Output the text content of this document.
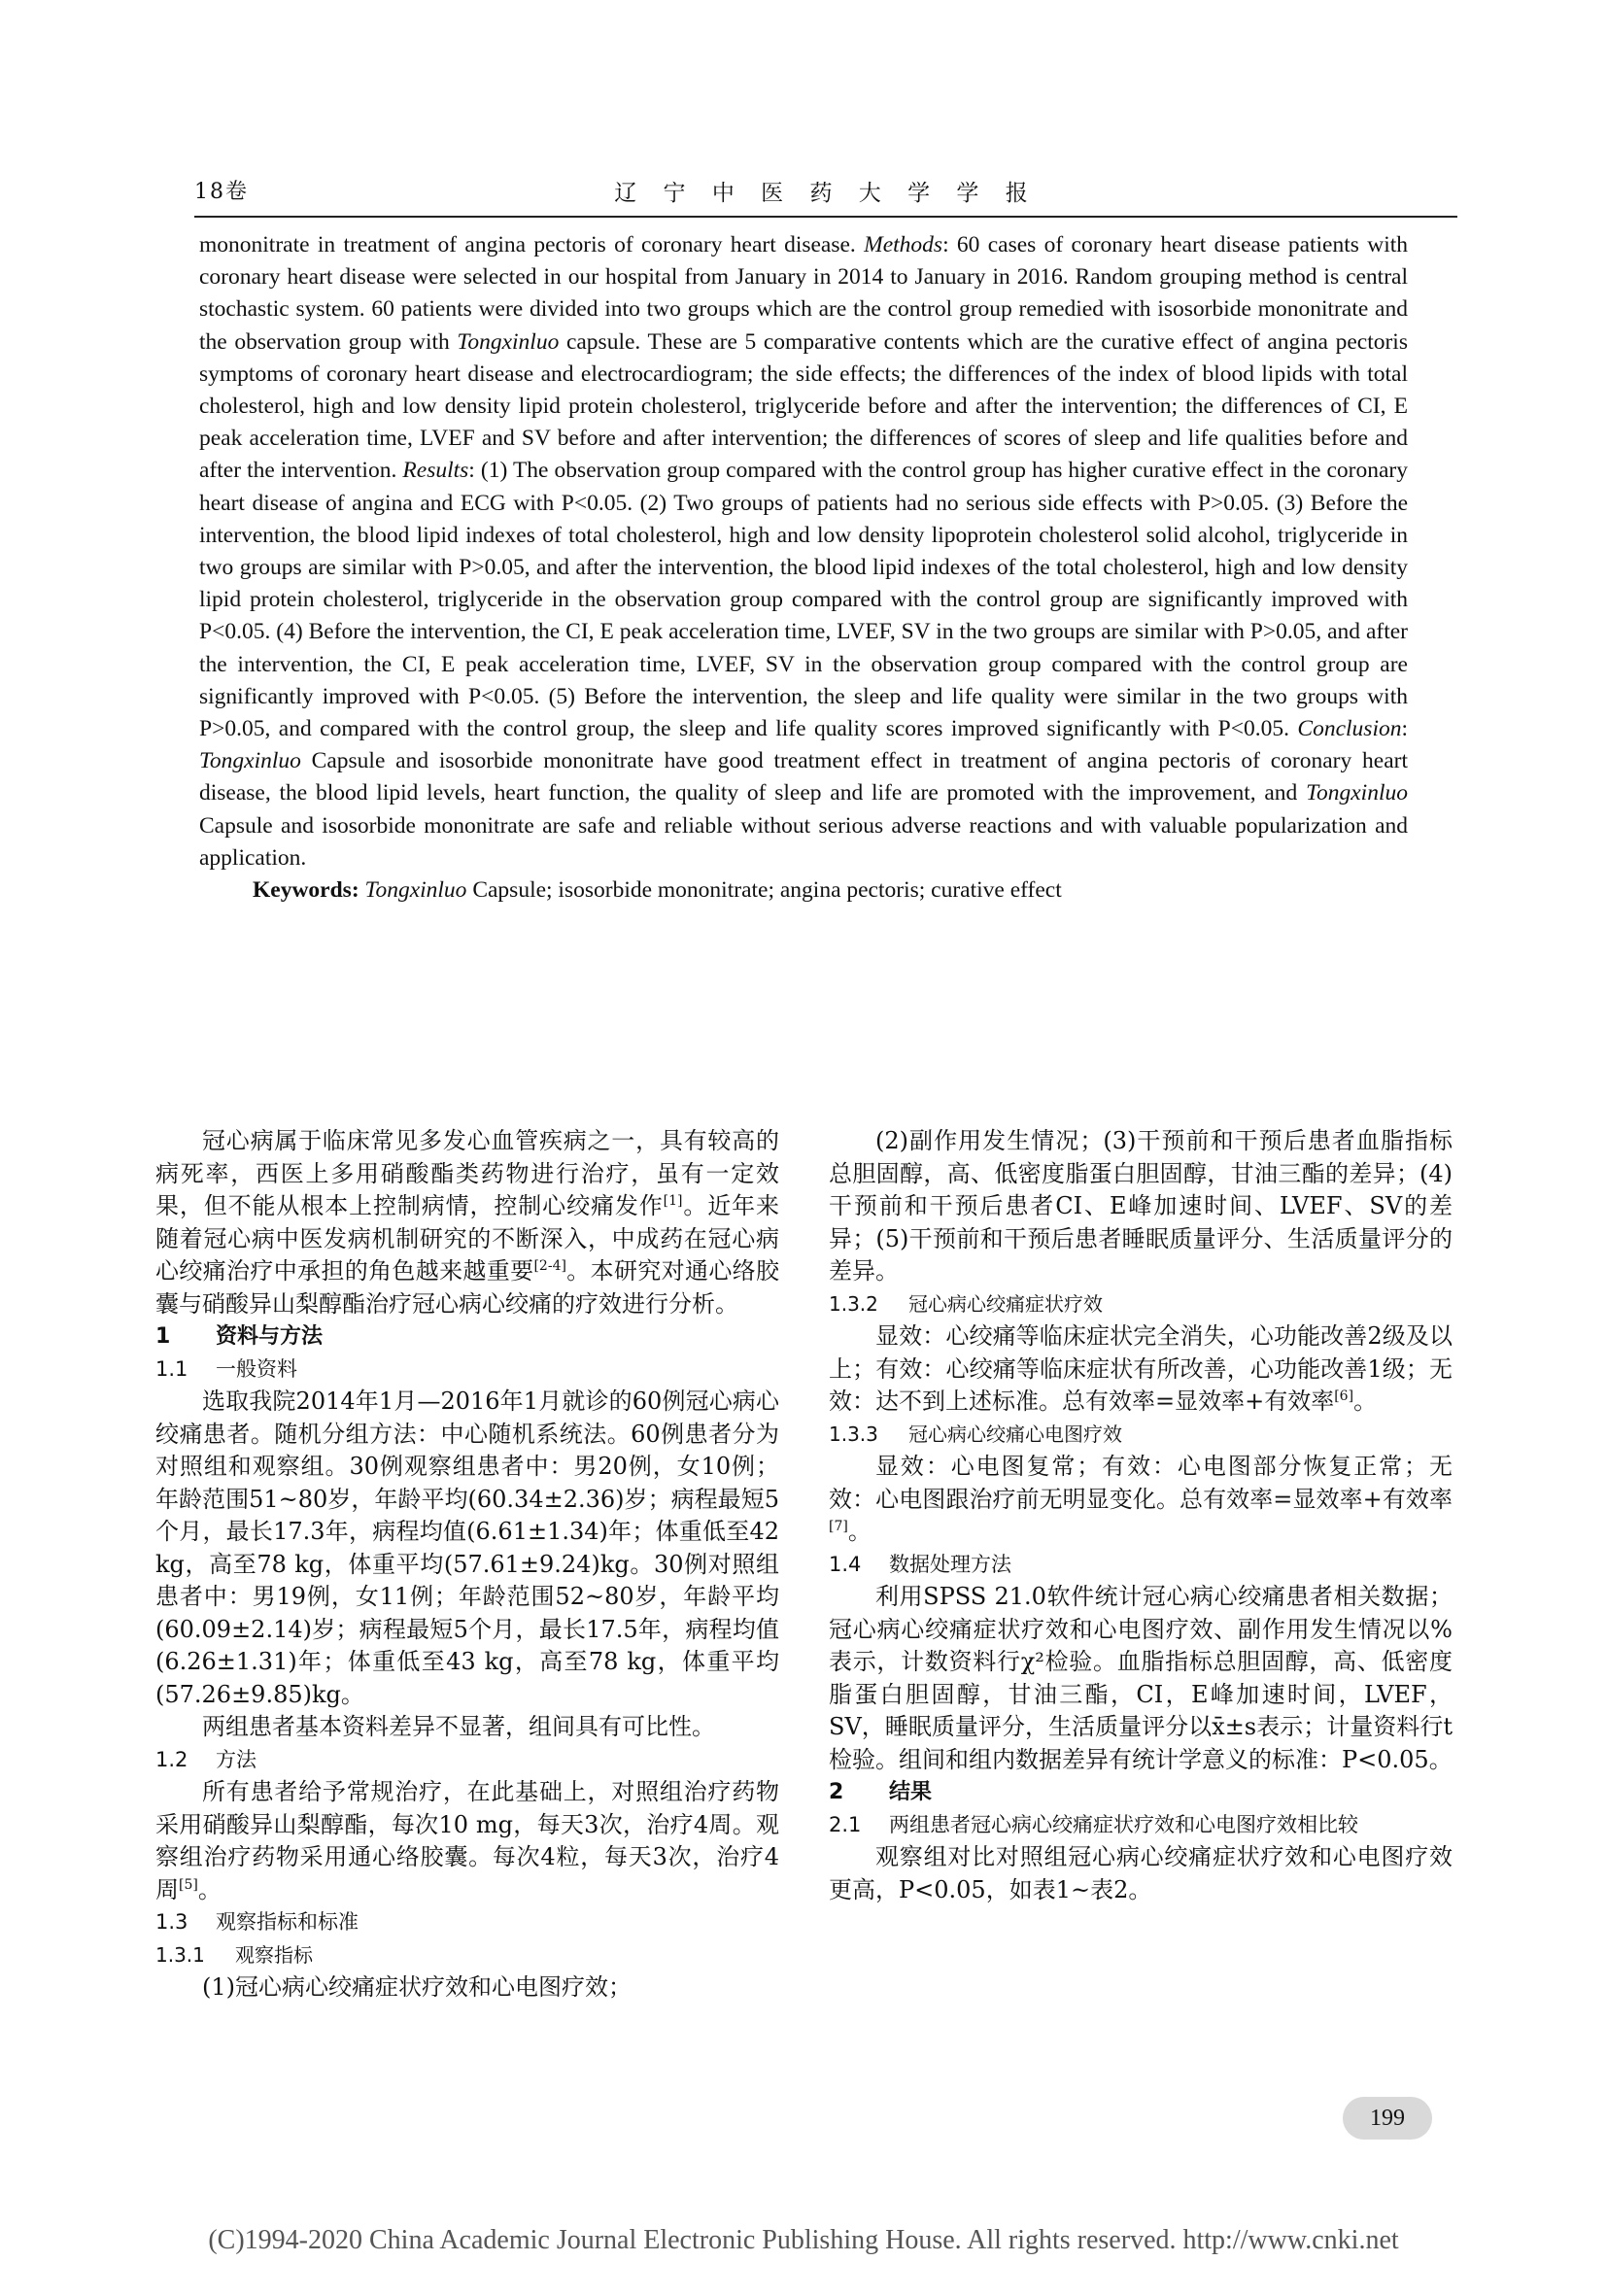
18卷	辽 宁 中 医 药 大 学 学 报

mononitrate in treatment of angina pectoris of coronary heart disease. Methods: 60 cases of coronary heart disease patients with coronary heart disease were selected in our hospital from January in 2014 to January in 2016. Random grouping method is central stochastic system. 60 patients were divided into two groups which are the control group remedied with isosorbide mononitrate and the observation group with Tongxinluo capsule. These are 5 comparative contents which are the curative effect of angina pectoris symptoms of coronary heart disease and electrocardiogram; the side effects; the differences of the index of blood lipids with total cholesterol, high and low density lipid protein cholesterol, triglyceride before and after the intervention; the differences of CI, E peak acceleration time, LVEF and SV before and after intervention; the differences of scores of sleep and life qualities before and after the intervention. Results: (1) The observation group compared with the control group has higher curative effect in the coronary heart disease of angina and ECG with P<0.05. (2) Two groups of patients had no serious side effects with P>0.05. (3) Before the intervention, the blood lipid indexes of total cholesterol, high and low density lipoprotein cholesterol solid alcohol, triglyceride in two groups are similar with P>0.05, and after the intervention, the blood lipid indexes of the total cholesterol, high and low density lipid protein cholesterol, triglyceride in the observation group compared with the control group are significantly improved with P<0.05. (4) Before the intervention, the CI, E peak acceleration time, LVEF, SV in the two groups are similar with P>0.05, and after the intervention, the CI, E peak acceleration time, LVEF, SV in the observation group compared with the control group are significantly improved with P<0.05. (5) Before the intervention, the sleep and life quality were similar in the two groups with P>0.05, and compared with the control group, the sleep and life quality scores improved significantly with P<0.05. Conclusion: Tongxinluo Capsule and isosorbide mononitrate have good treatment effect in treatment of angina pectoris of coronary heart disease, the blood lipid levels, heart function, the quality of sleep and life are promoted with the improvement, and Tongxinluo Capsule and isosorbide mononitrate are safe and reliable without serious adverse reactions and with valuable popularization and application.

Keywords: Tongxinluo Capsule; isosorbide mononitrate; angina pectoris; curative effect

冠心病属于临床常见多发心血管疾病之一，具有较高的病死率，西医上多用硝酸酯类药物进行治疗，虽有一定效果，但不能从根本上控制病情，控制心绞痛发作[1]。近年来随着冠心病中医发病机制研究的不断深入，中成药在冠心病心绞痛治疗中承担的角色越来越重要[2-4]。本研究对通心络胶囊与硝酸异山梨醇酯治疗冠心病心绞痛的疗效进行分析。

1 资料与方法

1.1 一般资料

选取我院2014年1月—2016年1月就诊的60例冠心病心绞痛患者。随机分组方法：中心随机系统法。60例患者分为对照组和观察组。30例观察组患者中：男20例，女10例；年龄范围51~80岁，年龄平均(60.34±2.36)岁；病程最短5个月，最长17.3年，病程均值(6.61±1.34)年；体重低至42 kg，高至78 kg，体重平均(57.61±9.24)kg。30例对照组患者中：男19例，女11例；年龄范围52~80岁，年龄平均(60.09±2.14)岁；病程最短5个月，最长17.5年，病程均值(6.26±1.31)年；体重低至43 kg，高至78 kg，体重平均(57.26±9.85)kg。

两组患者基本资料差异不显著，组间具有可比性。

1.2 方法

所有患者给予常规治疗，在此基础上，对照组治疗药物采用硝酸异山梨醇酯，每次10 mg，每天3次，治疗4周。观察组治疗药物采用通心络胶囊。每次4粒，每天3次，治疗4周[5]。

1.3 观察指标和标准

1.3.1 观察指标

(1)冠心病心绞痛症状疗效和心电图疗效；

(2)副作用发生情况；(3)干预前和干预后患者血脂指标总胆固醇，高、低密度脂蛋白胆固醇，甘油三酯的差异；(4)干预前和干预后患者CI、E峰加速时间、LVEF、SV的差异；(5)干预前和干预后患者睡眠质量评分、生活质量评分的差异。

1.3.2 冠心病心绞痛症状疗效

显效：心绞痛等临床症状完全消失，心功能改善2级及以上；有效：心绞痛等临床症状有所改善，心功能改善1级；无效：达不到上述标准。总有效率=显效率+有效率[6]。

1.3.3 冠心病心绞痛心电图疗效

显效：心电图复常；有效：心电图部分恢复正常；无效：心电图跟治疗前无明显变化。总有效率=显效率+有效率[7]。

1.4 数据处理方法

利用SPSS 21.0软件统计冠心病心绞痛患者相关数据；冠心病心绞痛症状疗效和心电图疗效、副作用发生情况以%表示，计数资料行χ²检验。血脂指标总胆固醇，高、低密度脂蛋白胆固醇，甘油三酯，CI，E峰加速时间，LVEF，SV，睡眠质量评分，生活质量评分以x̄±s表示；计量资料行t检验。组间和组内数据差异有统计学意义的标准：P<0.05。

2 结果

2.1 两组患者冠心病心绞痛症状疗效和心电图疗效相比较

观察组对比对照组冠心病心绞痛症状疗效和心电图疗效更高，P<0.05，如表1~表2。

199
(C)1994-2020 China Academic Journal Electronic Publishing House. All rights reserved. http://www.cnki.net
